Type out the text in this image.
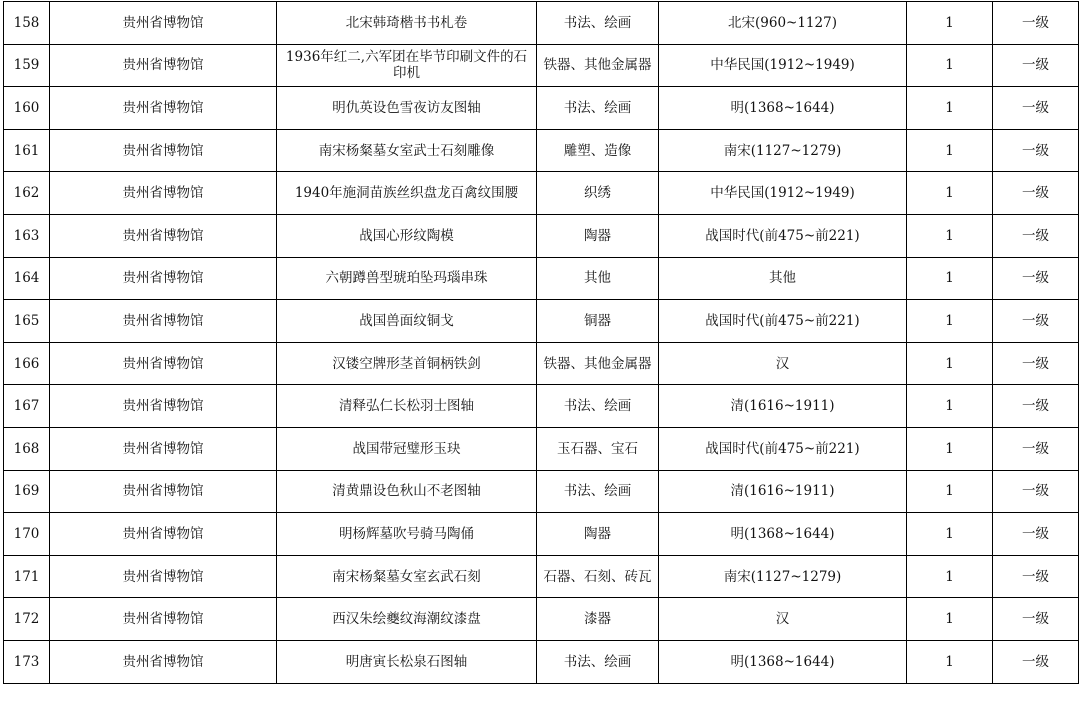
158	贵州省博物馆	北宋韩琦楷书书札卷	书法、绘画	北宋(960~1127)	1	一级
159	贵州省博物馆	1936年红二,六军团在毕节印刷文件的石印机	铁器、其他金属器	中华民国(1912~1949)	1	一级
160	贵州省博物馆	明仇英设色雪夜访友图轴	书法、绘画	明(1368~1644)	1	一级
161	贵州省博物馆	南宋杨粲墓女室武士石刻雕像	雕塑、造像	南宋(1127~1279)	1	一级
162	贵州省博物馆	1940年施洞苗族丝织盘龙百禽纹围腰	织绣	中华民国(1912~1949)	1	一级
163	贵州省博物馆	战国心形纹陶模	陶器	战国时代(前475~前221)	1	一级
164	贵州省博物馆	六朝蹲兽型琥珀坠玛瑙串珠	其他	其他	1	一级
165	贵州省博物馆	战国兽面纹铜戈	铜器	战国时代(前475~前221)	1	一级
166	贵州省博物馆	汉镂空牌形茎首铜柄铁剑	铁器、其他金属器	汉	1	一级
167	贵州省博物馆	清释弘仁长松羽士图轴	书法、绘画	清(1616~1911)	1	一级
168	贵州省博物馆	战国带冠璧形玉玦	玉石器、宝石	战国时代(前475~前221)	1	一级
169	贵州省博物馆	清黄鼎设色秋山不老图轴	书法、绘画	清(1616~1911)	1	一级
170	贵州省博物馆	明杨辉墓吹号骑马陶俑	陶器	明(1368~1644)	1	一级
171	贵州省博物馆	南宋杨粲墓女室玄武石刻	石器、石刻、砖瓦	南宋(1127~1279)	1	一级
172	贵州省博物馆	西汉朱绘夔纹海潮纹漆盘	漆器	汉	1	一级
173	贵州省博物馆	明唐寅长松泉石图轴	书法、绘画	明(1368~1644)	1	一级
